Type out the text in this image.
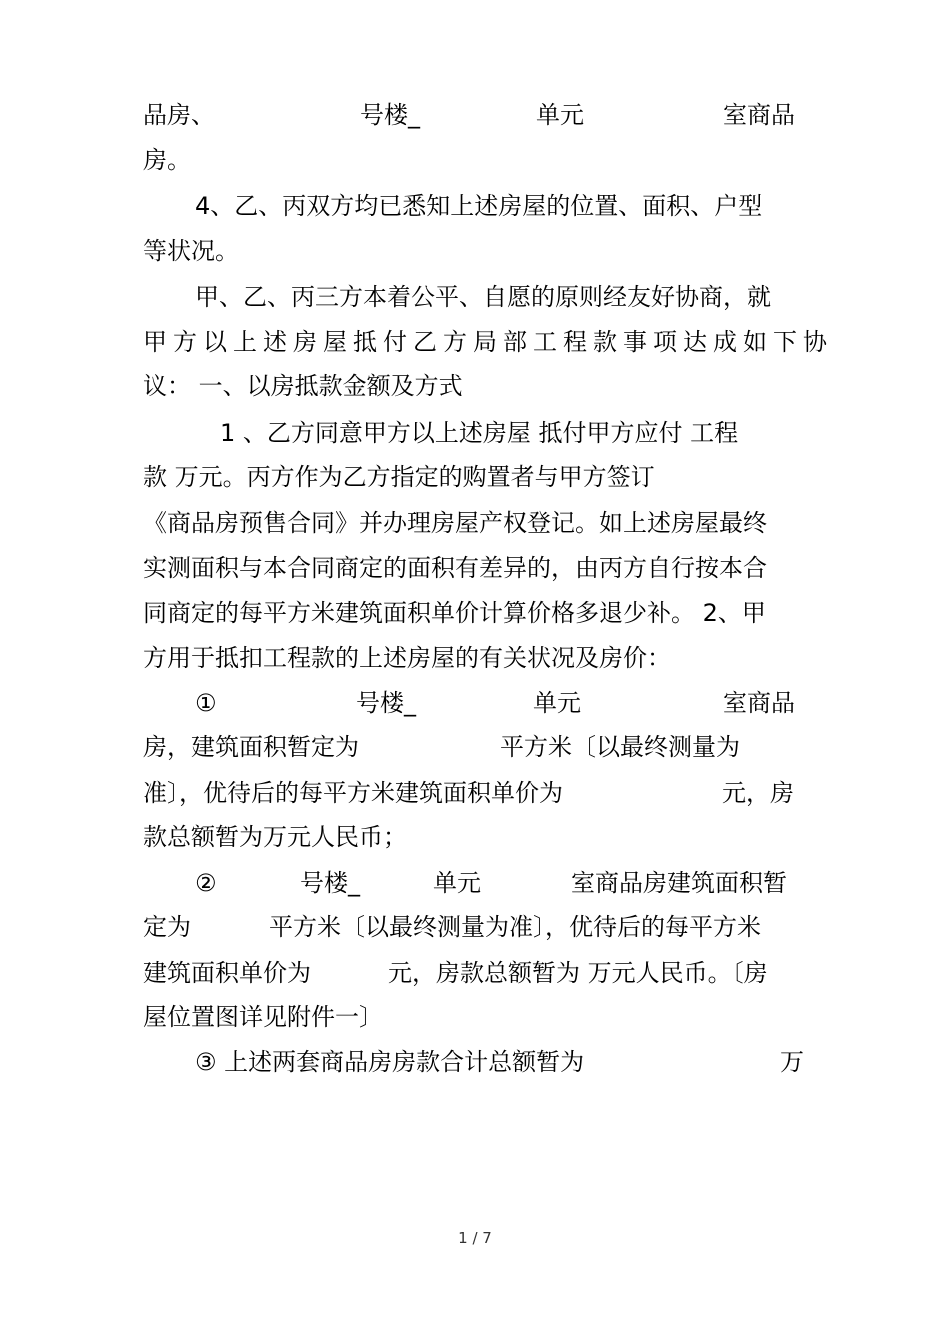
品房、	号楼_	单元	室商品
房。
4、乙、丙双方均已悉知上述房屋的位置、面积、户型
等状况。
甲、乙、丙三方本着公平、自愿的原则经友好协商，就
甲方以上述房屋抵付乙方局部工程款事项达成如下协
议： 一、以房抵款金额及方式
1 、乙方同意甲方以上述房屋 抵付甲方应付 工程
款 万元。丙方作为乙方指定的购置者与甲方签订
《商品房预售合同》并办理房屋产权登记。如上述房屋最终
实测面积与本合同商定的面积有差异的，由丙方自行按本合
同商定的每平方米建筑面积单价计算价格多退少补。 2、甲
方用于抵扣工程款的上述房屋的有关状况及房价：
①	号楼_	单元	室商品
房，建筑面积暂定为	平方米〔以最终测量为
准〕，优待后的每平方米建筑面积单价为	元，房
款总额暂为万元人民币；
②	号楼_	单元	室商品房建筑面积暂
定为	平方米〔以最终测量为准〕，优待后的每平方米
建筑面积单价为	元，房款总额暂为 万元人民币。〔房
屋位置图详见附件一〕
③ 上述两套商品房房款合计总额暂为	万
1 / 7
